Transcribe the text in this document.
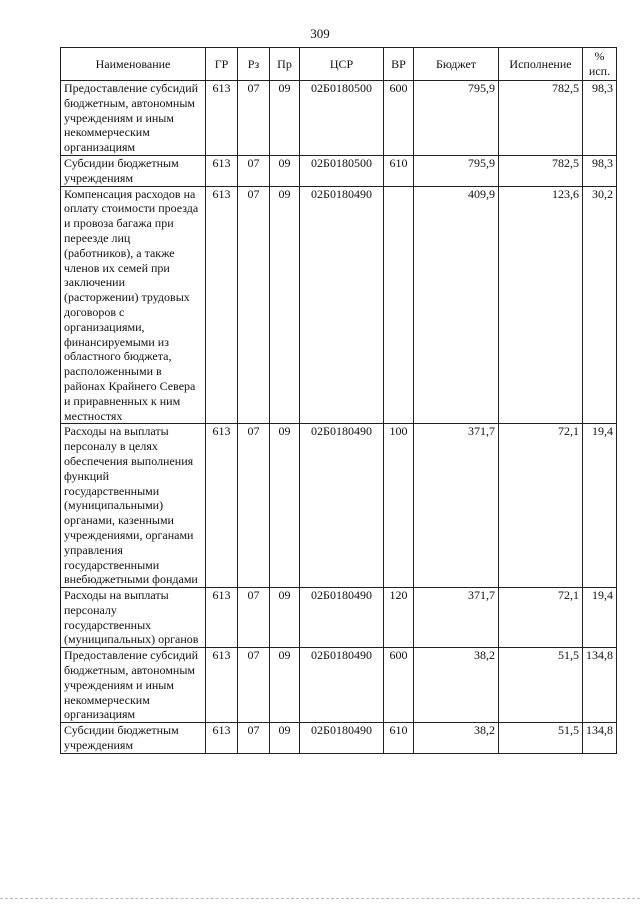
309
Наименование	ГР	Рз	Пр	ЦСР	ВР	Бюджет	Исполнение	% исп.
Предоставление субсидий бюджетным, автономным учреждениям и иным некоммерческим организациям	613	07	09	02Б0180500	600	795,9	782,5	98,3
Субсидии бюджетным учреждениям	613	07	09	02Б0180500	610	795,9	782,5	98,3
Компенсация расходов на оплату стоимости проезда и провоза багажа при переезде лиц (работников), а также членов их семей при заключении (расторжении) трудовых договоров с организациями, финансируемыми из областного бюджета, расположенными в районах Крайнего Севера и приравненных к ним местностях	613	07	09	02Б0180490		409,9	123,6	30,2
Расходы на выплаты персоналу в целях обеспечения выполнения функций государственными (муниципальными) органами, казенными учреждениями, органами управления государственными внебюджетными фондами	613	07	09	02Б0180490	100	371,7	72,1	19,4
Расходы на выплаты персоналу государственных (муниципальных) органов	613	07	09	02Б0180490	120	371,7	72,1	19,4
Предоставление субсидий бюджетным, автономным учреждениям и иным некоммерческим организациям	613	07	09	02Б0180490	600	38,2	51,5	134,8
Субсидии бюджетным учреждениям	613	07	09	02Б0180490	610	38,2	51,5	134,8
